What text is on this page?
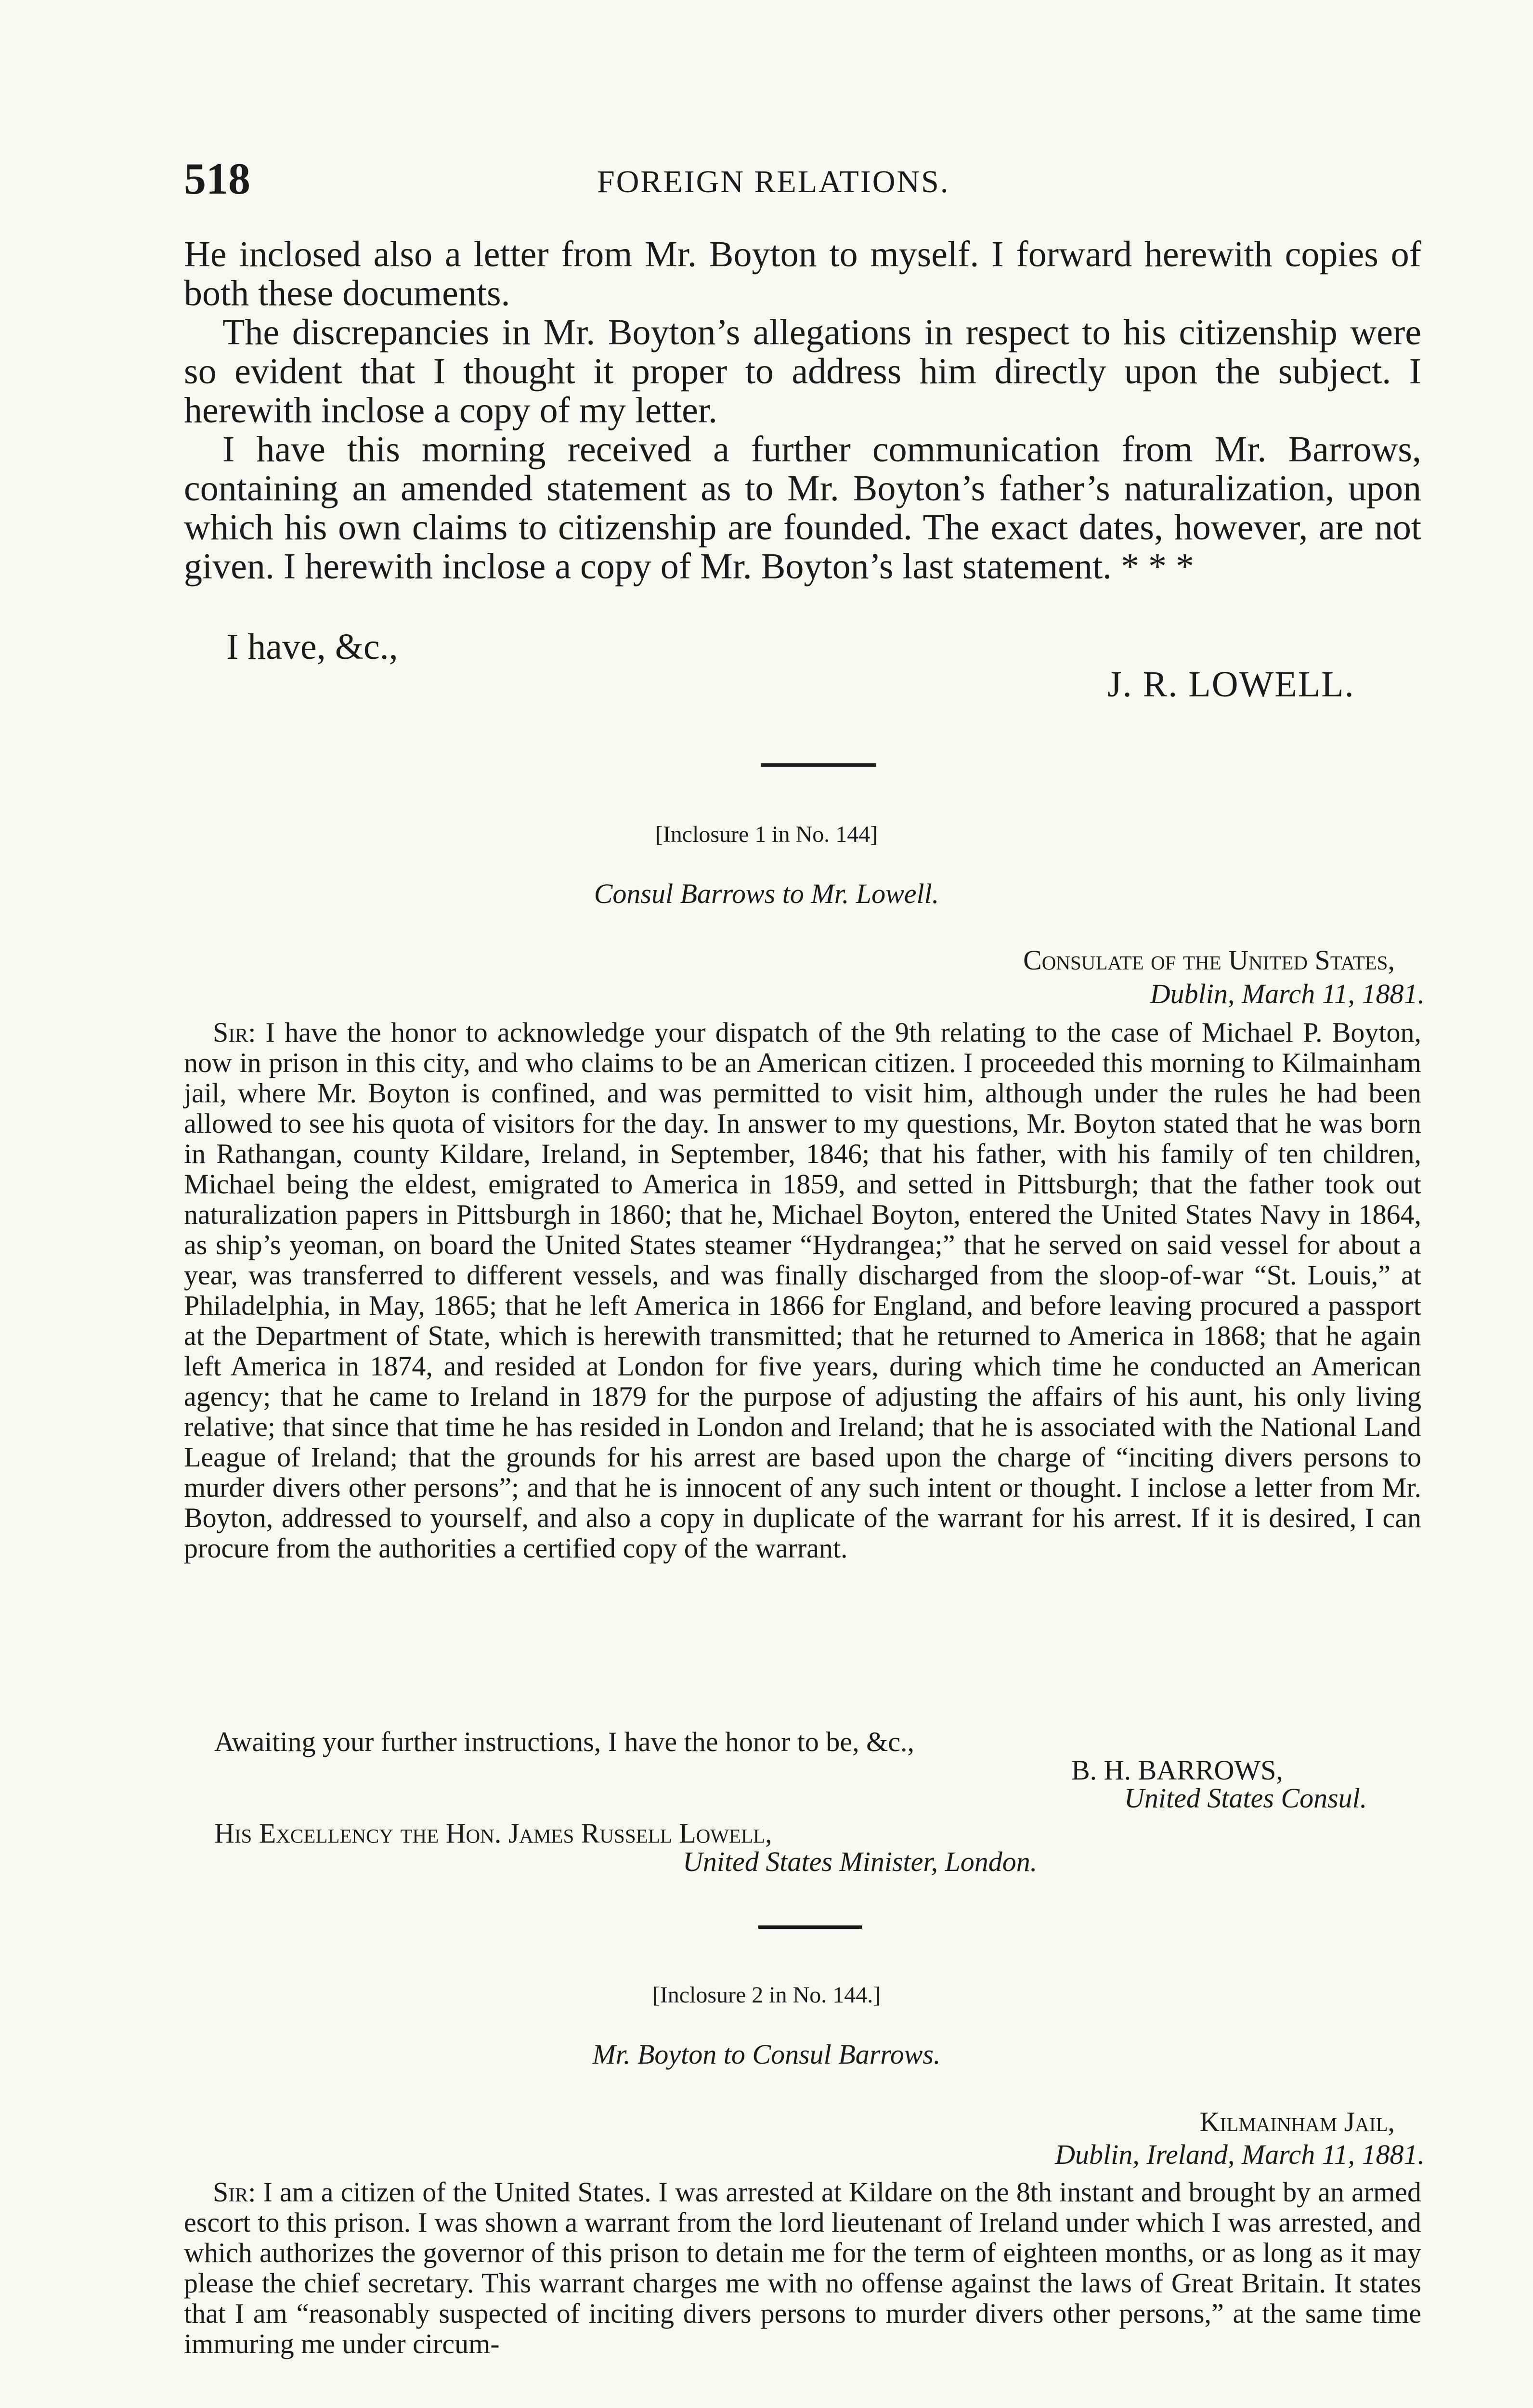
518	FOREIGN RELATIONS.

He inclosed also a letter from Mr. Boyton to myself. I forward herewith copies of both these documents.

The discrepancies in Mr. Boyton’s allegations in respect to his citizenship were so evident that I thought it proper to address him directly upon the subject. I herewith inclose a copy of my letter.

I have this morning received a further communication from Mr. Barrows, containing an amended statement as to Mr. Boyton’s father’s naturalization, upon which his own claims to citizenship are founded. The exact dates, however, are not given. I herewith inclose a copy of Mr. Boyton’s last statement. * * *

I have, &c.,
J. R. LOWELL.
[Inclosure 1 in No. 144]
Consul Barrows to Mr. Lowell.
Consulate of the United States,
Dublin, March 11, 1881.

Sir: I have the honor to acknowledge your dispatch of the 9th relating to the case of Michael P. Boyton, now in prison in this city, and who claims to be an American citizen. I proceeded this morning to Kilmainham jail, where Mr. Boyton is confined, and was permitted to visit him, although under the rules he had been allowed to see his quota of visitors for the day. In answer to my questions, Mr. Boyton stated that he was born in Rathangan, county Kildare, Ireland, in September, 1846; that his father, with his family of ten children, Michael being the eldest, emigrated to America in 1859, and setted in Pittsburgh; that the father took out naturalization papers in Pittsburgh in 1860; that he, Michael Boyton, entered the United States Navy in 1864, as ship’s yeoman, on board the United States steamer “Hydrangea;” that he served on said vessel for about a year, was transferred to different vessels, and was finally discharged from the sloop-of-war “St. Louis,” at Philadelphia, in May, 1865; that he left America in 1866 for England, and before leaving procured a passport at the Department of State, which is herewith transmitted; that he returned to America in 1868; that he again left America in 1874, and resided at London for five years, during which time he conducted an American agency; that he came to Ireland in 1879 for the purpose of adjusting the affairs of his aunt, his only living relative; that since that time he has resided in London and Ireland; that he is associated with the National Land League of Ireland; that the grounds for his arrest are based upon the charge of “inciting divers persons to murder divers other persons”; and that he is innocent of any such intent or thought. I inclose a letter from Mr. Boyton, addressed to yourself, and also a copy in duplicate of the warrant for his arrest. If it is desired, I can procure from the authorities a certified copy of the warrant.

Awaiting your further instructions, I have the honor to be, &c.,
B. H. BARROWS,
United States Consul.
His Excellency the Hon. James Russell Lowell,
United States Minister, London.
[Inclosure 2 in No. 144.]
Mr. Boyton to Consul Barrows.
Kilmainham Jail,
Dublin, Ireland, March 11, 1881.

Sir: I am a citizen of the United States. I was arrested at Kildare on the 8th instant and brought by an armed escort to this prison. I was shown a warrant from the lord lieutenant of Ireland under which I was arrested, and which authorizes the governor of this prison to detain me for the term of eighteen months, or as long as it may please the chief secretary. This warrant charges me with no offense against the laws of Great Britain. It states that I am “reasonably suspected of inciting divers persons to murder divers other persons,” at the same time immuring me under circum-
